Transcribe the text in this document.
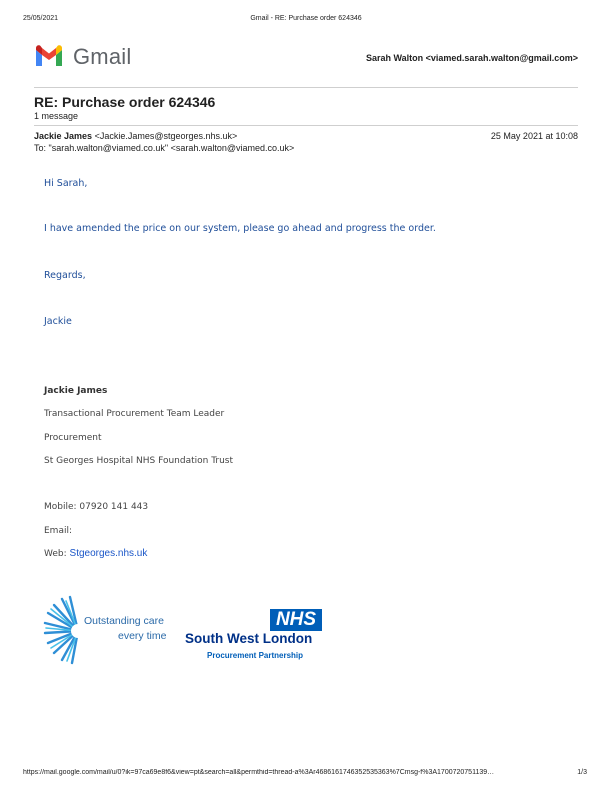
25/05/2021	Gmail - RE: Purchase order 624346
Gmail	Sarah Walton <viamed.sarah.walton@gmail.com>
RE: Purchase order 624346
1 message
Jackie James <Jackie.James@stgeorges.nhs.uk>	25 May 2021 at 10:08
To: "sarah.walton@viamed.co.uk" <sarah.walton@viamed.co.uk>
Hi Sarah,
I have amended the price on our system, please go ahead and progress the order.
Regards,
Jackie
Jackie James
Transactional Procurement Team Leader
Procurement
St Georges Hospital NHS Foundation Trust
Mobile: 07920 141 443
Email:
Web: Stgeorges.nhs.uk
Outstanding care
every time
NHS
South West London
Procurement Partnership
https://mail.google.com/mail/u/0?ik=97ca69e8f6&view=pt&search=all&permthid=thread-a%3Ar4686161746352535363%7Cmsg-f%3A1700720751139…	1/3
